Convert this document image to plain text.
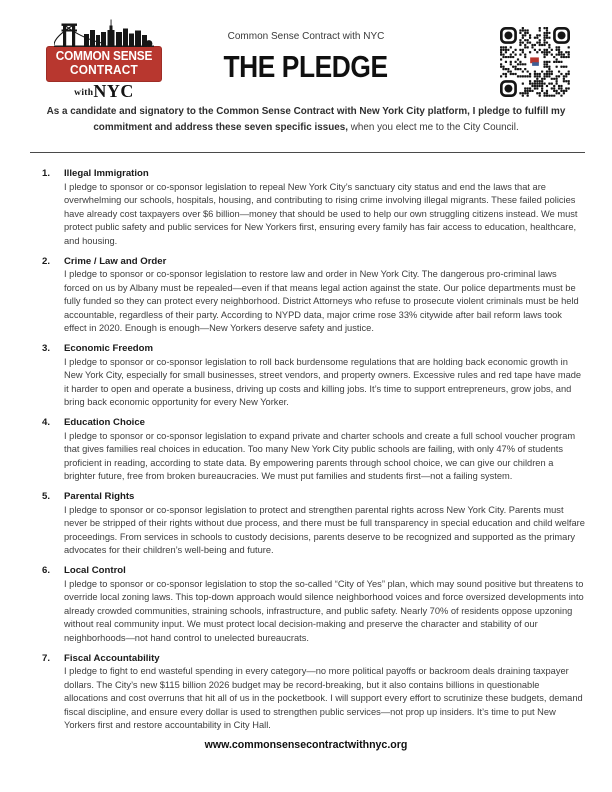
COMMON SENSE
CONTRACT
withNYC
Common Sense Contract with NYC
THE PLEDGE

As a candidate and signatory to the Common Sense Contract with New York City platform, I pledge to fulfill my
commitment and address these seven specific issues, when you elect me to the City Council.

1.	Illegal Immigration
I pledge to sponsor or co-sponsor legislation to repeal New York City’s sanctuary city status and end the laws that are overwhelming our schools, hospitals, housing, and contributing to rising crime involving illegal migrants. These failed policies have already cost taxpayers over $6 billion—money that should be used to help our own struggling citizens instead. We must protect public safety and public services for New Yorkers first, ensuring every family has fair access to education, healthcare, and housing.
2.	Crime / Law and Order
I pledge to sponsor or co-sponsor legislation to restore law and order in New York City. The dangerous pro-criminal laws forced on us by Albany must be repealed—even if that means legal action against the state. Our police departments must be fully funded so they can protect every neighborhood. District Attorneys who refuse to prosecute violent criminals must be held accountable, regardless of their party. According to NYPD data, major crime rose 33% citywide after bail reform laws took effect in 2020. Enough is enough—New Yorkers deserve safety and justice.
3.	Economic Freedom
I pledge to sponsor or co-sponsor legislation to roll back burdensome regulations that are holding back economic growth in New York City, especially for small businesses, street vendors, and property owners. Excessive rules and red tape have made it harder to open and operate a business, driving up costs and killing jobs. It’s time to support entrepreneurs, grow jobs, and bring back economic opportunity for every New Yorker.
4.	Education Choice
I pledge to sponsor or co-sponsor legislation to expand private and charter schools and create a full school voucher program that gives families real choices in education. Too many New York City public schools are failing, with only 47% of students proficient in reading, according to state data. By empowering parents through school choice, we can give our children a brighter future, free from broken bureaucracies. We must put families and students first—not a failing system.
5.	Parental Rights
I pledge to sponsor or co-sponsor legislation to protect and strengthen parental rights across New York City. Parents must never be stripped of their rights without due process, and there must be full transparency in special education and child welfare proceedings. From services in schools to custody decisions, parents deserve to be recognized and supported as the primary advocates for their children’s well-being and future.
6.	Local Control
I pledge to sponsor or co-sponsor legislation to stop the so-called “City of Yes” plan, which may sound positive but threatens to override local zoning laws. This top-down approach would silence neighborhood voices and force oversized developments into already crowded communities, straining schools, infrastructure, and public safety. Nearly 70% of residents oppose upzoning without real community input. We must protect local decision-making and preserve the character and stability of our neighborhoods—not hand control to unelected bureaucrats.
7.	Fiscal Accountability
I pledge to fight to end wasteful spending in every category—no more political payoffs or backroom deals draining taxpayer dollars. The City’s new $115 billion 2026 budget may be record-breaking, but it also contains billions in questionable allocations and cost overruns that hit all of us in the pocketbook. I will support every effort to scrutinize these budgets, demand fiscal discipline, and ensure every dollar is used to strengthen public services—not prop up insiders. It’s time to put New Yorkers first and restore accountability in City Hall.
www.commonsensecontractwithnyc.org
